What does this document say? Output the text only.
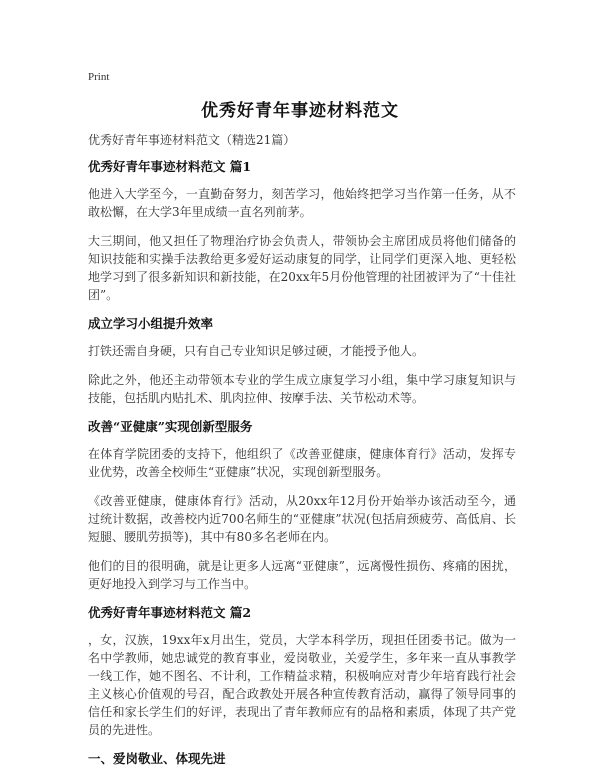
Print
优秀好青年事迹材料范文
优秀好青年事迹材料范文（精选21篇）
优秀好青年事迹材料范文 篇1

他进入大学至今，一直勤奋努力，刻苦学习，他始终把学习当作第一任务，从不敢松懈，在大学3年里成绩一直名列前茅。

大三期间，他又担任了物理治疗协会负责人，带领协会主席团成员将他们储备的知识技能和实操手法教给更多爱好运动康复的同学，让同学们更深入地、更轻松地学习到了很多新知识和新技能，在20xx年5月份他管理的社团被评为了“十佳社团”。

成立学习小组提升效率

打铁还需自身硬，只有自己专业知识足够过硬，才能授予他人。

除此之外，他还主动带领本专业的学生成立康复学习小组，集中学习康复知识与技能，包括肌内贴扎术、肌肉拉伸、按摩手法、关节松动术等。

改善“亚健康”实现创新型服务

在体育学院团委的支持下，他组织了《改善亚健康，健康体育行》活动，发挥专业优势，改善全校师生“亚健康”状况，实现创新型服务。

《改善亚健康，健康体育行》活动，从20xx年12月份开始举办该活动至今，通过统计数据，改善校内近700名师生的“亚健康”状况(包括肩颈疲劳、高低肩、长短腿、腰肌劳损等)，其中有80多名老师在内。

他们的目的很明确，就是让更多人远离“亚健康”，远离慢性损伤、疼痛的困扰，更好地投入到学习与工作当中。

优秀好青年事迹材料范文 篇2

，女，汉族，19xx年x月出生，党员，大学本科学历，现担任团委书记。做为一名中学教师，她忠诚党的教育事业，爱岗敬业，关爱学生，多年来一直从事教学一线工作，她不图名、不计利，工作精益求精，积极响应对青少年培育践行社会主义核心价值观的号召，配合政教处开展各种宣传教育活动，赢得了领导同事的信任和家长学生们的好评，表现出了青年教师应有的品格和素质，体现了共产党员的先进性。

一、爱岗敬业、体现先进
